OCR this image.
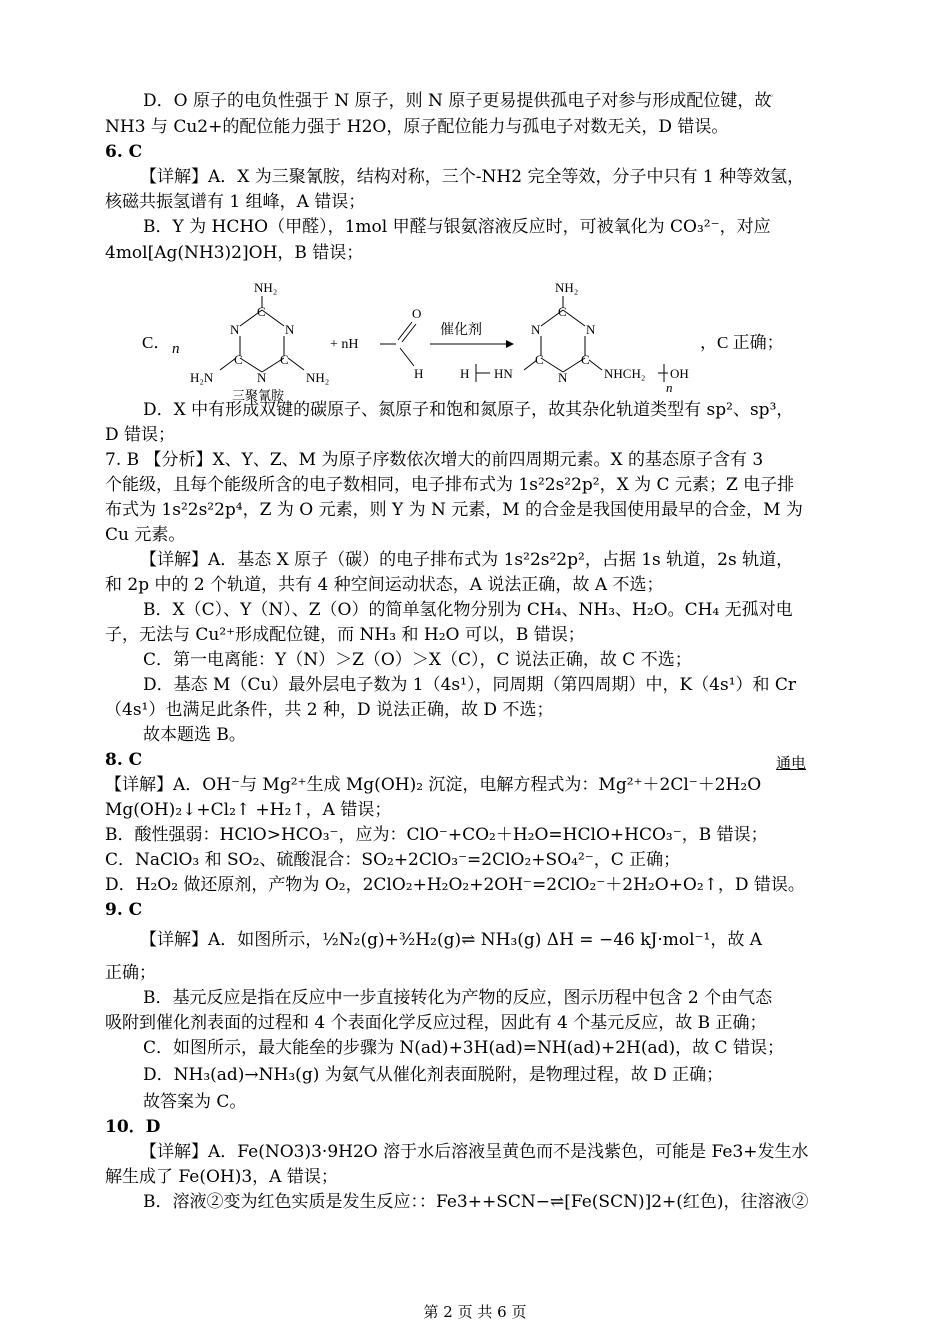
。
D．O 原子的电负性强于 N 原子，则 N 原子更易提供孤电子对参与形成配位键，故
NH3 与 Cu2+的配位能力强于 H2O，原子配位能力与孤电子对数无关，D 错误。
6. C
【详解】A．X 为三聚氰胺，结构对称，三个-NH2 完全等效，分子中只有 1 种等效氢，
核磁共振氢谱有 1 组峰，A 错误；
B．Y 为 HCHO（甲醛），1mol 甲醛与银氨溶液反应时，可被氧化为 CO₃²⁻，对应
4mol[Ag(NH3)2]OH，B 错误；
D．X 中有形成双键的碳原子、氮原子和饱和氮原子，故其杂化轨道类型有 sp²、sp³，
D 错误；
7. B 【分析】X、Y、Z、M 为原子序数依次增大的前四周期元素。X 的基态原子含有 3
个能级，且每个能级所含的电子数相同，电子排布式为 1s²2s²2p²，X 为 C 元素；Z 电子排
布式为 1s²2s²2p⁴，Z 为 O 元素，则 Y 为 N 元素，M 的合金是我国使用最早的合金，M 为
Cu 元素。
【详解】A．基态 X 原子（碳）的电子排布式为 1s²2s²2p²，占据 1s 轨道，2s 轨道，
和 2p 中的 2 个轨道，共有 4 种空间运动状态，A 说法正确，故 A 不选；
B．X（C）、Y（N）、Z（O）的简单氢化物分别为 CH₄、NH₃、H₂O。CH₄ 无孤对电
子，无法与 Cu²⁺形成配位键，而 NH₃ 和 H₂O 可以，B 错误；
C．第一电离能：Y（N）＞Z（O）＞X（C），C 说法正确，故 C 不选；
D．基态 M（Cu）最外层电子数为 1（4s¹），同周期（第四周期）中，K（4s¹）和 Cr
（4s¹）也满足此条件，共 2 种，D 说法正确，故 D 不选；
故本题选 B。
8. C
【详解】A．OH⁻与 Mg²⁺生成 Mg(OH)₂ 沉淀，电解方程式为：Mg²⁺＋2Cl⁻＋2H₂O
Mg(OH)₂↓+Cl₂↑ +H₂↑，A 错误；
B．酸性强弱：HClO>HCO₃⁻，应为：ClO⁻+CO₂＋H₂O=HClO+HCO₃⁻，B 错误；
C．NaClO₃ 和 SO₂、硫酸混合：SO₂+2ClO₃⁻=2ClO₂+SO₄²⁻，C 正确；
D．H₂O₂ 做还原剂，产物为 O₂，2ClO₂+H₂O₂+2OH⁻=2ClO₂⁻＋2H₂O+O₂↑，D 错误。
9. C
【详解】A．如图所示，½N₂(g)+³⁄₂H₂(g)⇌ NH₃(g) ΔH = −46 kJ·mol⁻¹，故 A
正确；
B．基元反应是指在反应中一步直接转化为产物的反应，图示历程中包含 2 个由气态
吸附到催化剂表面的过程和 4 个表面化学反应过程，因此有 4 个基元反应，故 B 正确；
C．如图所示，最大能垒的步骤为 N(ad)+3H(ad)=NH(ad)+2H(ad)，故 C 错误；
D．NH₃(ad)→NH₃(g) 为氨气从催化剂表面脱附，是物理过程，故 D 正确；
故答案为 C。
10．D
【详解】A．Fe(NO3)3·9H2O 溶于水后溶液呈黄色而不是浅紫色，可能是 Fe3+发生水
解生成了 Fe(OH)3，A 错误；
B．溶液②变为红色实质是发生反应：：Fe3++SCN−⇌[Fe(SCN)]2+(红色)，往溶液②
通电
C． n
NH₂
N
C
N
C	C
N
H₂N	NH₂
三聚氰胺
+ nH
O
H
催化剂
NH₂
N
C
N
C	C
N
H HN	NHCH₂ OH
n
，C 正确；
第 2 页 共 6 页
